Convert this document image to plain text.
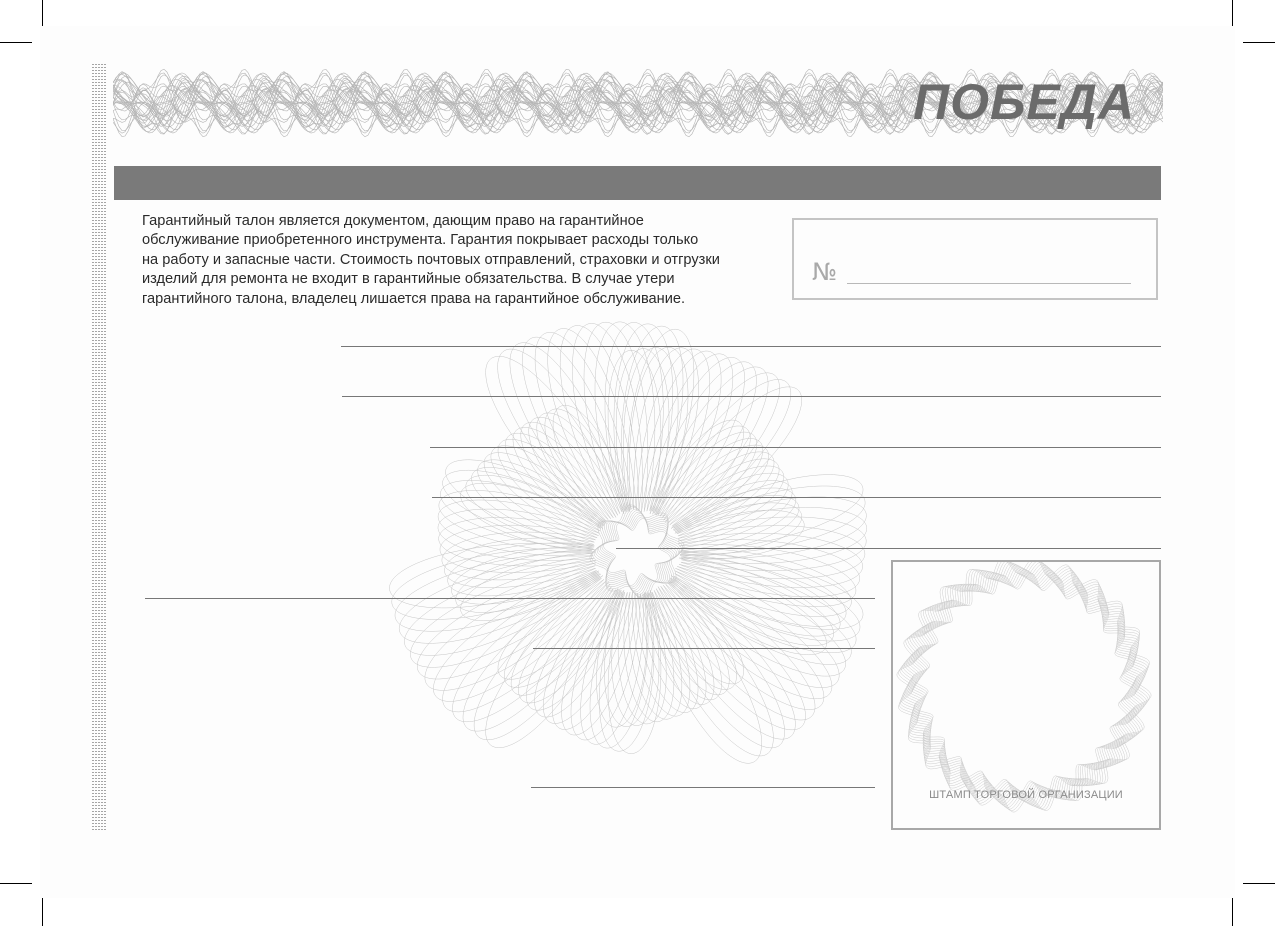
ПОБЕДА

Гарантийный талон является документом, дающим право на гарантийное
обслуживание приобретенного инструмента. Гарантия покрывает расходы только
на работу и запасные части. Стоимость почтовых отправлений, страховки и отгрузки
изделий для ремонта не входит в гарантийные обязательства. В случае утери
гарантийного талона, владелец лишается права на гарантийное обслуживание.

№
ШТАМП ТОРГОВОЙ ОРГАНИЗАЦИИ
